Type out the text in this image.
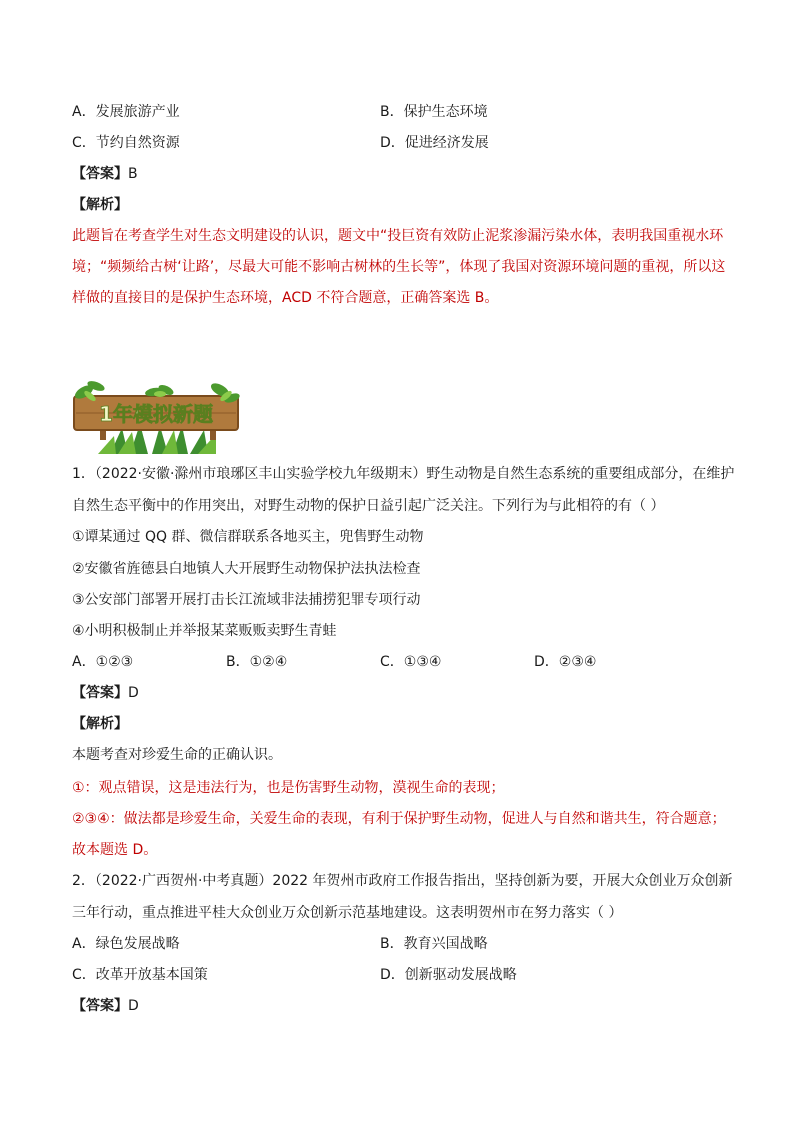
A．发展旅游产业	B．保护生态环境
C．节约自然资源	D．促进经济发展
【答案】B
【解析】
此题旨在考查学生对生态文明建设的认识，题文中“投巨资有效防止泥浆渗漏污染水体，表明我国重视水环
境；“频频给古树‘让路’，尽最大可能不影响古树林的生长等”，体现了我国对资源环境问题的重视，所以这
样做的直接目的是保护生态环境，ACD 不符合题意，正确答案选 B。
1年模拟新题
1．（2022·安徽·滁州市琅琊区丰山实验学校九年级期末）野生动物是自然生态系统的重要组成部分，在维护
自然生态平衡中的作用突出，对野生动物的保护日益引起广泛关注。下列行为与此相符的有（ ）
①谭某通过 QQ 群、微信群联系各地买主，兜售野生动物
②安徽省旌德县白地镇人大开展野生动物保护法执法检查
③公安部门部署开展打击长江流域非法捕捞犯罪专项行动
④小明积极制止并举报某菜贩贩卖野生青蛙
A．①②③	B．①②④	C．①③④	D．②③④
【答案】D
【解析】
本题考查对珍爱生命的正确认识。
①：观点错误，这是违法行为，也是伤害野生动物，漠视生命的表现；
②③④：做法都是珍爱生命，关爱生命的表现，有利于保护野生动物，促进人与自然和谐共生，符合题意；
故本题选 D。
2．（2022·广西贺州·中考真题）2022 年贺州市政府工作报告指出，坚持创新为要，开展大众创业万众创新
三年行动，重点推进平桂大众创业万众创新示范基地建设。这表明贺州市在努力落实（ ）
A．绿色发展战略	B．教育兴国战略
C．改革开放基本国策	D．创新驱动发展战略
【答案】D
